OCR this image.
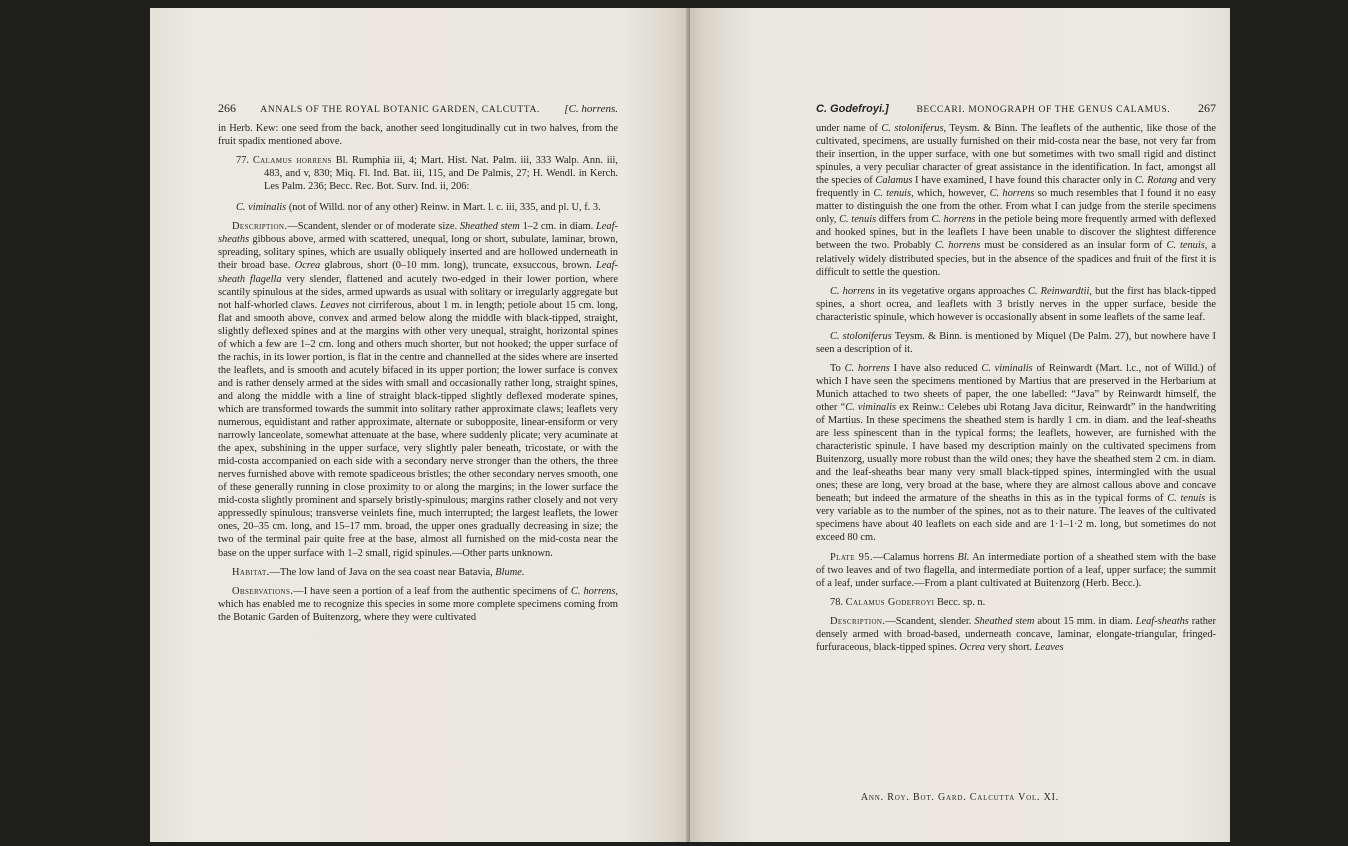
266	ANNALS OF THE ROYAL BOTANIC GARDEN, CALCUTTA. [C. horrens.

in Herb. Kew: one seed from the back, another seed longitudinally cut in two halves, from the fruit spadix mentioned above.

77. Calamus horrens Bl. Rumphia iii, 4; Mart. Hist. Nat. Palm. iii, 333 Walp. Ann. iii, 483, and v, 830; Miq. Fl. Ind. Bat. iii, 115, and De Palmis, 27; H. Wendl. in Kerch. Les Palm. 236; Becc. Rec. Bot. Surv. Ind. ii, 206:

C. viminalis (not of Willd. nor of any other) Reinw. in Mart. l. c. iii, 335, and pl. U, f. 3.

Description.—Scandent, slender or of moderate size. Sheathed stem 1–2 cm. in diam. Leaf-sheaths gibbous above, armed with scattered, unequal, long or short, subulate, laminar, brown, spreading, solitary spines, which are usually obliquely inserted and are hollowed underneath in their broad base. Ocrea glabrous, short (0–10 mm. long), truncate, exsuccous, brown. Leaf-sheath flagella very slender, flattened and acutely two-edged in their lower portion, where scantily spinulous at the sides, armed upwards as usual with solitary or irregularly aggregate but not half-whorled claws. Leaves not cirriferous, about 1 m. in length; petiole about 15 cm. long, flat and smooth above, convex and armed below along the middle with black-tipped, straight, slightly deflexed spines and at the margins with other very unequal, straight, horizontal spines of which a few are 1–2 cm. long and others much shorter, but not hooked; the upper surface of the rachis, in its lower portion, is flat in the centre and channelled at the sides where are inserted the leaflets, and is smooth and acutely bifaced in its upper portion; the lower surface is convex and is rather densely armed at the sides with small and occasionally rather long, straight spines, and along the middle with a line of straight black-tipped slightly deflexed moderate spines, which are transformed towards the summit into solitary rather approximate claws; leaflets very numerous, equidistant and rather approximate, alternate or subopposite, linear-ensiform or very narrowly lanceolate, somewhat attenuate at the base, where suddenly plicate; very acuminate at the apex, subshining in the upper surface, very slightly paler beneath, tricostate, or with the mid-costa accompanied on each side with a secondary nerve stronger than the others, the three nerves furnished above with remote spadiceous bristles; the other secondary nerves smooth, one of these generally running in close proximity to or along the margins; in the lower surface the mid-costa slightly prominent and sparsely bristly-spinulous; margins rather closely and not very appressedly spinulous; transverse veinlets fine, much interrupted; the largest leaflets, the lower ones, 20–35 cm. long, and 15–17 mm. broad, the upper ones gradually decreasing in size; the two of the terminal pair quite free at the base, almost all furnished on the mid-costa near the base on the upper surface with 1–2 small, rigid spinules.—Other parts unknown.

Habitat.—The low land of Java on the sea coast near Batavia, Blume.

Observations.—I have seen a portion of a leaf from the authentic specimens of C. horrens, which has enabled me to recognize this species in some more complete specimens coming from the Botanic Garden of Buitenzorg, where they were cultivated

C. Godefroyi.]	BECCARI. MONOGRAPH OF THE GENUS CALAMUS. 267

under name of C. stoloniferus, Teysm. & Binn. The leaflets of the authentic, like those of the cultivated, specimens, are usually furnished on their mid-costa near the base, not very far from their insertion, in the upper surface, with one but sometimes with two small rigid and distinct spinules, a very peculiar character of great assistance in the identification. In fact, amongst all the species of Calamus I have examined, I have found this character only in C. Rotang and very frequently in C. tenuis, which, however, C. horrens so much resembles that I found it no easy matter to distinguish the one from the other. From what I can judge from the sterile specimens only, C. tenuis differs from C. horrens in the petiole being more frequently armed with deflexed and hooked spines, but in the leaflets I have been unable to discover the slightest difference between the two. Probably C. horrens must be considered as an insular form of C. tenuis, a relatively widely distributed species, but in the absence of the spadices and fruit of the first it is difficult to settle the question.

C. horrens in its vegetative organs approaches C. Reinwardtii, but the first has black-tipped spines, a short ocrea, and leaflets with 3 bristly nerves in the upper surface, beside the characteristic spinule, which however is occasionally absent in some leaflets of the same leaf.

C. stoloniferus Teysm. & Binn. is mentioned by Miquel (De Palm. 27), but nowhere have I seen a description of it.

To C. horrens I have also reduced C. viminalis of Reinwardt (Mart. l.c., not of Willd.) of which I have seen the specimens mentioned by Martius that are preserved in the Herbarium at Munich attached to two sheets of paper, the one labelled: “Java” by Reinwardt himself, the other “C. viminalis ex Reinw.: Celebes ubi Rotang Java dicitur, Reinwardt” in the handwriting of Martius. In these specimens the sheathed stem is hardly 1 cm. in diam. and the leaf-sheaths are less spinescent than in the typical forms; the leaflets, however, are furnished with the characteristic spinule. I have based my description mainly on the cultivated specimens from Buitenzorg, usually more robust than the wild ones; they have the sheathed stem 2 cm. in diam. and the leaf-sheaths bear many very small black-tipped spines, intermingled with the usual ones; these are long, very broad at the base, where they are almost callous above and concave beneath; but indeed the armature of the sheaths in this as in the typical forms of C. tenuis is very variable as to the number of the spines, not as to their nature. The leaves of the cultivated specimens have about 40 leaflets on each side and are 1·1–1·2 m. long, but sometimes do not exceed 80 cm.

Plate 95.—Calamus horrens Bl. An intermediate portion of a sheathed stem with the base of two leaves and of two flagella, and intermediate portion of a leaf, upper surface; the summit of a leaf, under surface.—From a plant cultivated at Buitenzorg (Herb. Becc.).

78. Calamus Godefroyi Becc. sp. n.

Description.—Scandent, slender. Sheathed stem about 15 mm. in diam. Leaf-sheaths rather densely armed with broad-based, underneath concave, laminar, elongate-triangular, fringed-furfuraceous, black-tipped spines. Ocrea very short. Leaves

Ann. Roy. Bot. Gard. Calcutta Vol. XI.
